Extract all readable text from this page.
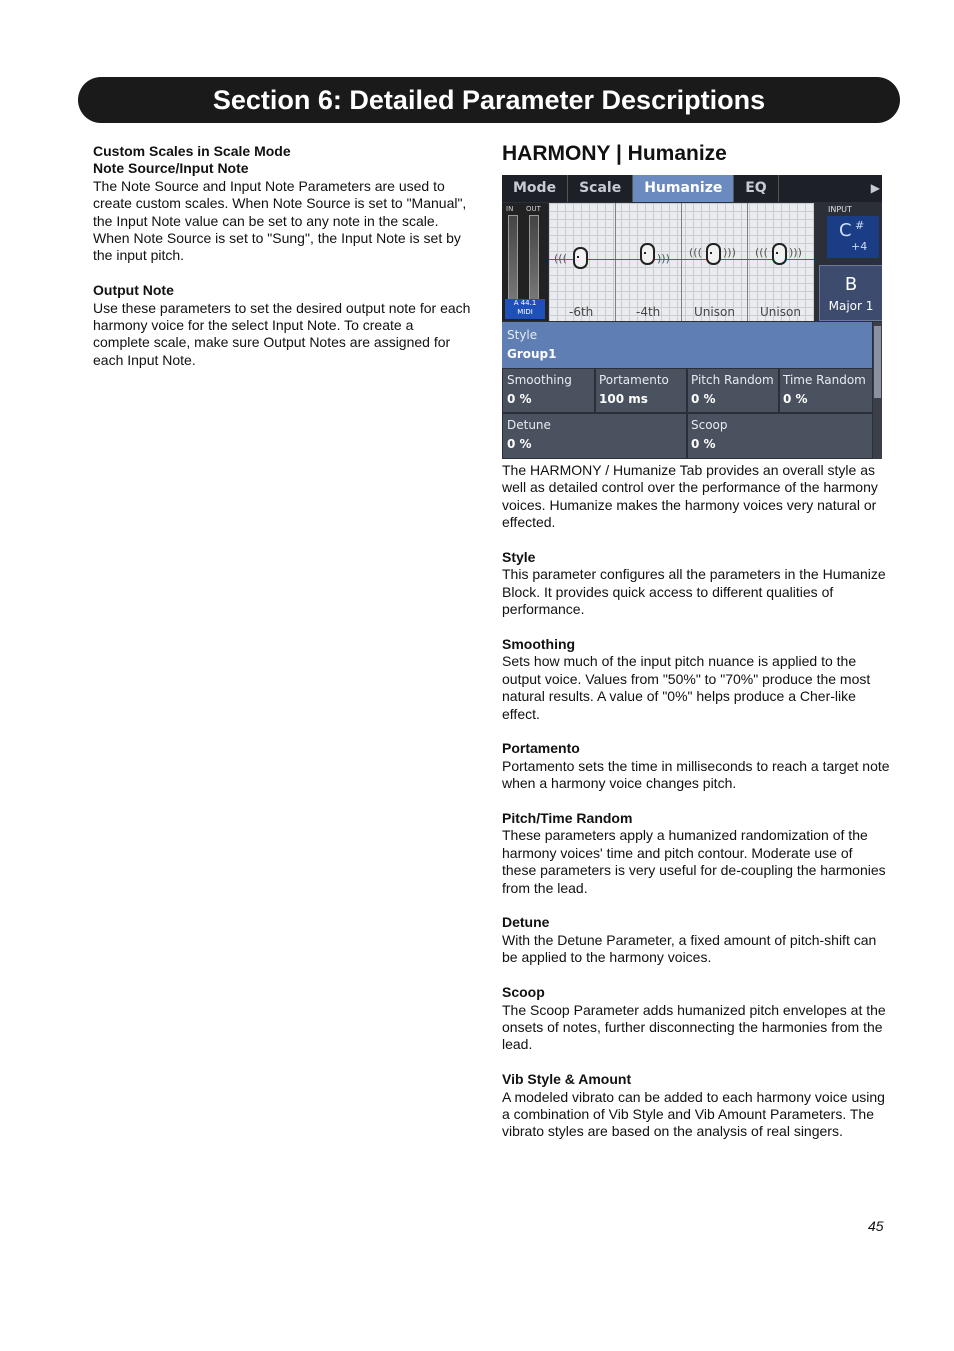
Section 6: Detailed Parameter Descriptions
Custom Scales in Scale Mode
Note Source/Input Note
The Note Source and Input Note Parameters are used to create custom scales. When Note Source is set to "Manual", the Input Note value can be set to any note in the scale. When Note Source is set to "Sung", the Input Note is set by the input pitch.
Output Note
Use these parameters to set the desired output note for each harmony voice for the select Input Note. To create a complete scale, make sure Output Notes are assigned for each Input Note.
HARMONY | Humanize
Mode	Scale	Humanize	EQ	▶
IN OUT
A 44.1
MIDI
(((	))) ((( ))) ((( )))
-6th	-4th	Unison Unison
INPUT
C #
+4
B
Major 1
Style
Group1
Smoothing
0 %
Portamento
100 ms
Pitch Random
0 %
Time Random
0 %
Detune
0 %
Scoop
0 %
The HARMONY / Humanize Tab provides an overall style as well as detailed control over the performance of the harmony voices. Humanize makes the harmony voices very natural or effected.
Style
This parameter configures all the parameters in the Humanize Block. It provides quick access to different qualities of performance.
Smoothing
Sets how much of the input pitch nuance is applied to the output voice. Values from "50%" to "70%" produce the most natural results. A value of "0%" helps produce a Cher-like effect.
Portamento
Portamento sets the time in milliseconds to reach a target note when a harmony voice changes pitch.
Pitch/Time Random
These parameters apply a humanized randomization of the harmony voices' time and pitch contour. Moderate use of these parameters is very useful for de-coupling the harmonies from the lead.
Detune
With the Detune Parameter, a fixed amount of pitch-shift can be applied to the harmony voices.
Scoop
The Scoop Parameter adds humanized pitch envelopes at the onsets of notes, further disconnecting the harmonies from the lead.
Vib Style & Amount
A modeled vibrato can be added to each harmony voice using a combination of Vib Style and Vib Amount Parameters. The vibrato styles are based on the analysis of real singers.
45
